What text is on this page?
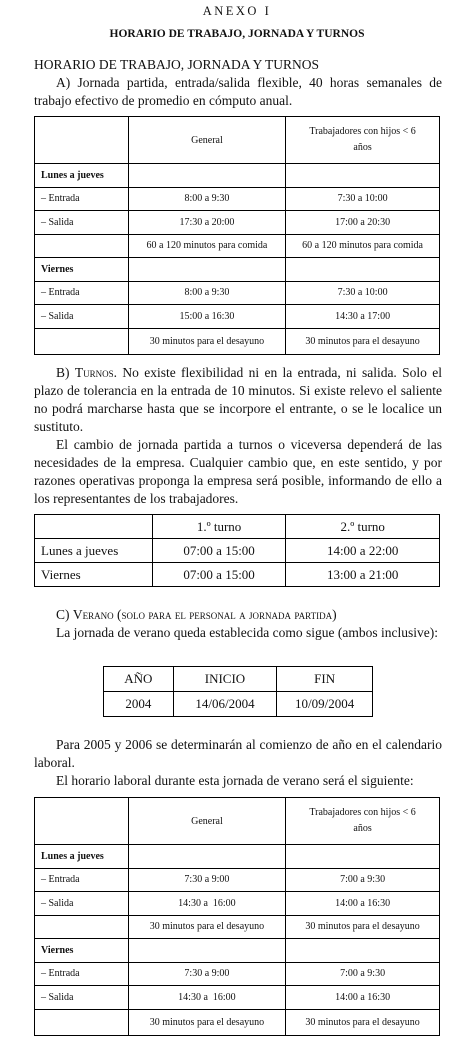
ANEXO I
HORARIO DE TRABAJO, JORNADA Y TURNOS
HORARIO DE TRABAJO, JORNADA Y TURNOS
A) Jornada partida, entrada/salida flexible, 40 horas semanales de trabajo efectivo de promedio en cómputo anual.
	General	Trabajadores con hijos < 6 años
Lunes a jueves		
– Entrada	8:00 a 9:30	7:30 a 10:00
– Salida	17:30 a 20:00	17:00 a 20:30
	60 a 120 minutos para comida	60 a 120 minutos para comida
Viernes		
– Entrada	8:00 a 9:30	7:30 a 10:00
– Salida	15:00 a 16:30	14:30 a 17:00
	30 minutos para el desayuno	30 minutos para el desayuno
B) Turnos. No existe flexibilidad ni en la entrada, ni salida. Solo el plazo de tolerancia en la entrada de 10 minutos. Si existe relevo el saliente no podrá marcharse hasta que se incorpore el entrante, o se le localice un sustituto.
El cambio de jornada partida a turnos o viceversa dependerá de las necesidades de la empresa. Cualquier cambio que, en este sentido, y por razones operativas proponga la empresa será posible, informando de ello a los representantes de los trabajadores.
	1.º turno	2.º turno
Lunes a jueves	07:00 a 15:00	14:00 a 22:00
Viernes	07:00 a 15:00	13:00 a 21:00
C) Verano (solo para el personal a jornada partida)
La jornada de verano queda establecida como sigue (ambos inclusive):
AÑO	INICIO	FIN
2004	14/06/2004	10/09/2004
Para 2005 y 2006 se determinarán al comienzo de año en el calendario laboral.
El horario laboral durante esta jornada de verano será el siguiente:
	General	Trabajadores con hijos < 6 años
Lunes a jueves		
– Entrada	7:30 a 9:00	7:00 a 9:30
– Salida	14:30 a  16:00	14:00 a 16:30
	30 minutos para el desayuno	30 minutos para el desayuno
Viernes		
– Entrada	7:30 a 9:00	7:00 a 9:30
– Salida	14:30 a  16:00	14:00 a 16:30
	30 minutos para el desayuno	30 minutos para el desayuno
